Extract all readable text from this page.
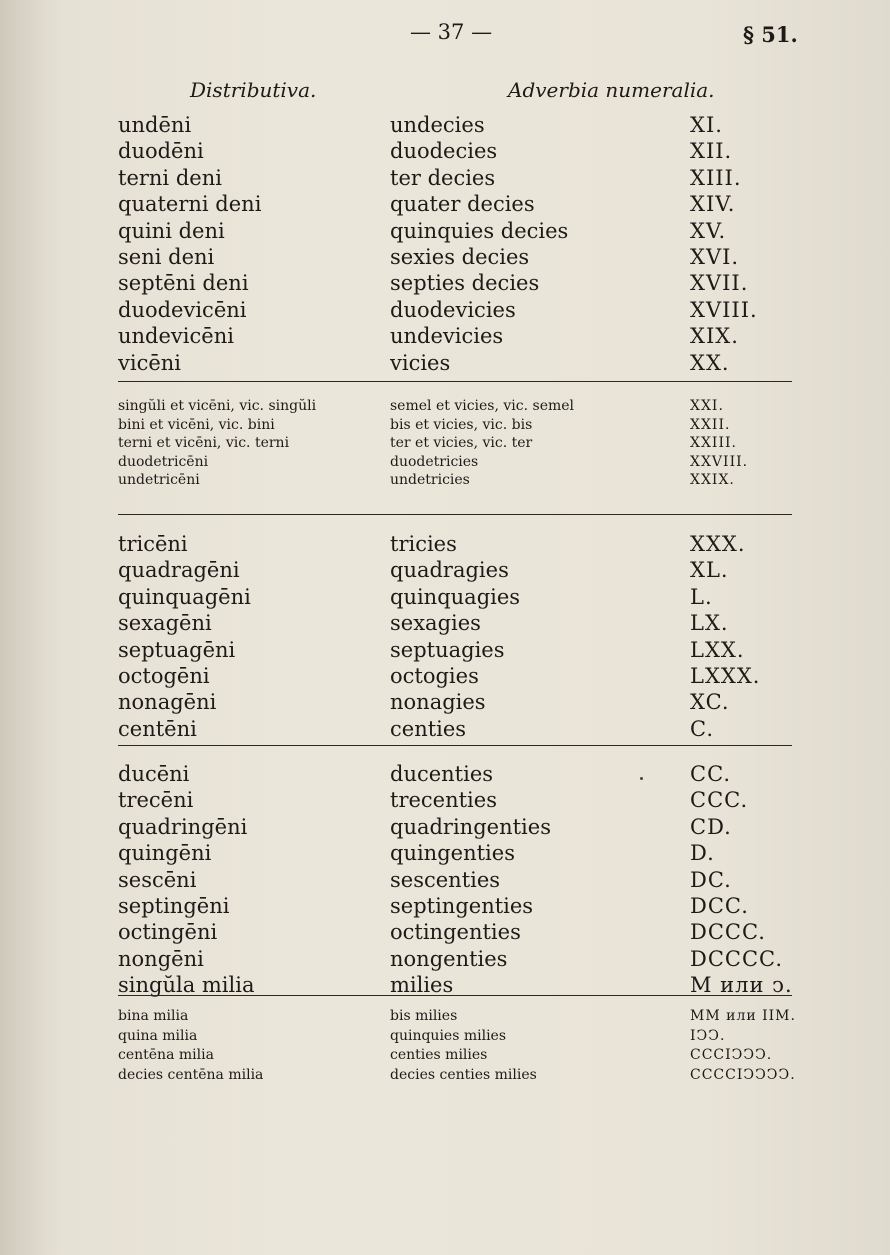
— 37 —	§ 51.
Distributiva.	Adverbia numeralia.
undēni	undecies	XI.
duodēni	duodecies	XII.
terni deni	ter decies	XIII.
quaterni deni	quater decies	XIV.
quini deni	quinquies decies	XV.
seni deni	sexies decies	XVI.
septēni deni	septies decies	XVII.
duodevicēni	duodevicies	XVIII.
undevicēni	undevicies	XIX.
vicēni	vicies	XX.
singŭli et vicēni, vic. singŭli	semel et vicies, vic. semel	XXI.
bini et vicēni, vic. bini	bis et vicies, vic. bis	XXII.
terni et vicēni, vic. terni	ter et vicies, vic. ter	XXIII.
duodetricēni	duodetricies	XXVIII.
undetricēni	undetricies	XXIX.
tricēni	tricies	XXX.
quadragēni	quadragies	XL.
quinquagēni	quinquagies	L.
sexagēni	sexagies	LX.
septuagēni	septuagies	LXX.
octogēni	octogies	LXXX.
nonagēni	nonagies	XC.
centēni	centies	C.
ducēni	ducenties	CC.
trecēni	trecenties	CCC.
quadringēni	quadringenties	CD.
quingēni	quingenties	D.
sescēni	sescenties	DC.
septingēni	septingenties	DCC.
octingēni	octingenties	DCCC.
nongēni	nongenties	DCCCC.
singŭla milia	milies	M или ͻ.
bina milia	bis milies	MM или IIM.
quina milia	quinquies milies	IↃↃ.
centēna milia	centies milies	CCCIↃↃↃ.
decies centēna milia	decies centies milies	CCCCIↃↃↃↃ.
